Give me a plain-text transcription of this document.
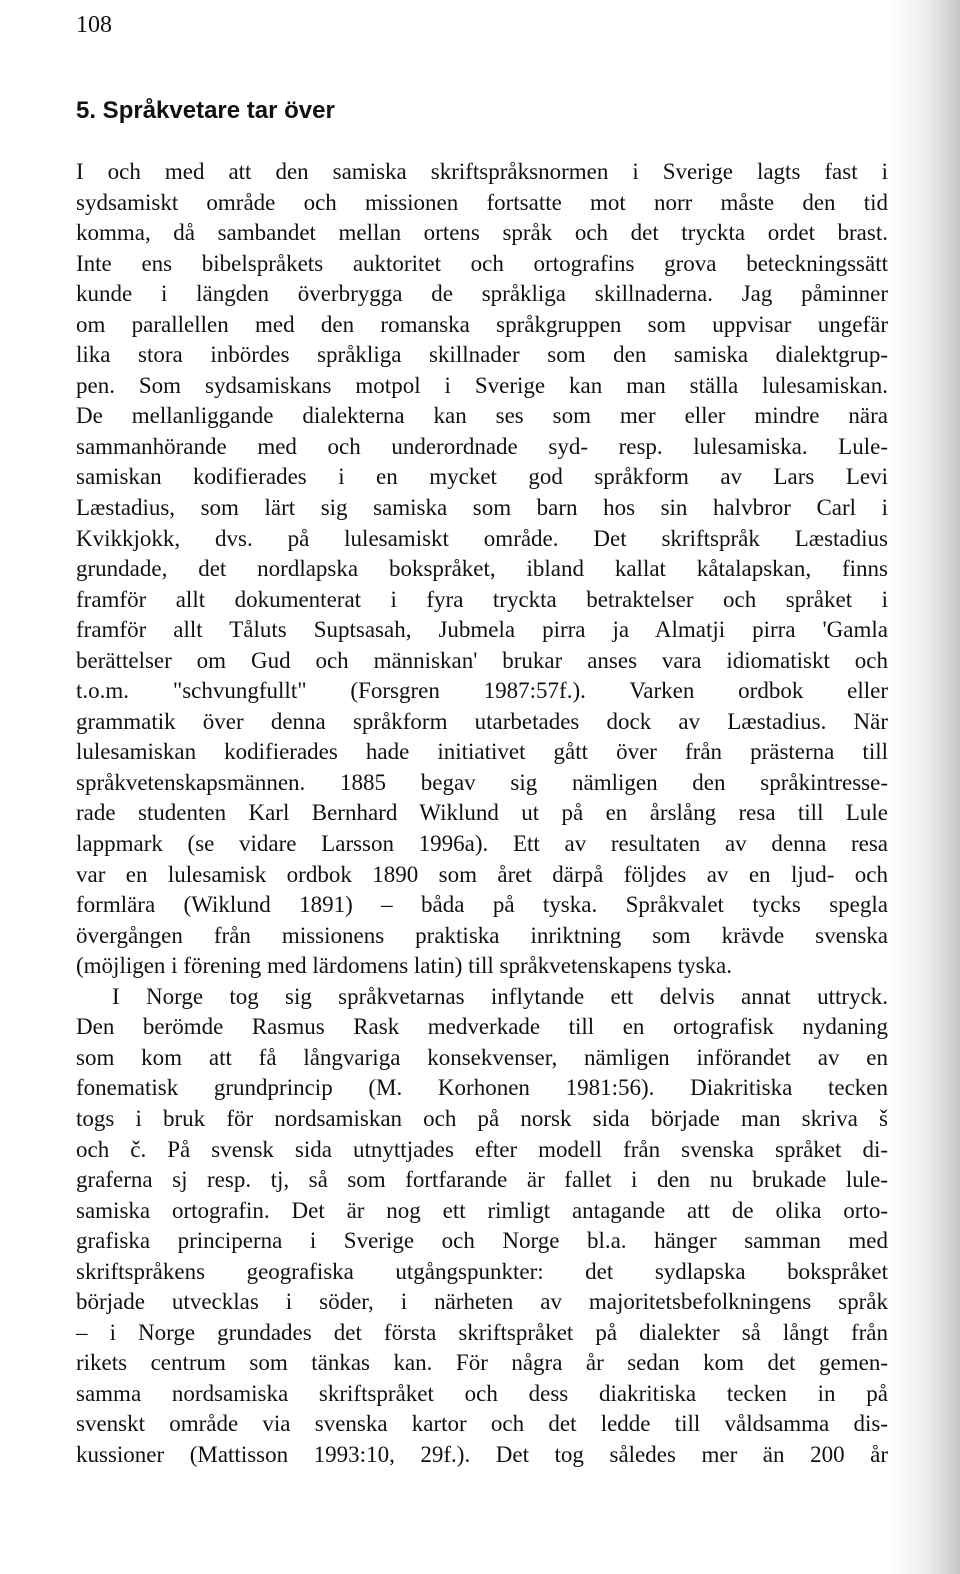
108
5. Språkvetare tar över
I och med att den samiska skriftspråksnormen i Sverige lagts fast i
sydsamiskt område och missionen fortsatte mot norr måste den tid
komma, då sambandet mellan ortens språk och det tryckta ordet brast.
Inte ens bibelspråkets auktoritet och ortografins grova beteckningssätt
kunde i längden överbrygga de språkliga skillnaderna. Jag påminner
om parallellen med den romanska språkgruppen som uppvisar ungefär
lika stora inbördes språkliga skillnader som den samiska dialektgrup-
pen. Som sydsamiskans motpol i Sverige kan man ställa lulesamiskan.
De mellanliggande dialekterna kan ses som mer eller mindre nära
sammanhörande med och underordnade syd- resp. lulesamiska. Lule-
samiskan kodifierades i en mycket god språkform av Lars Levi
Læstadius, som lärt sig samiska som barn hos sin halvbror Carl i
Kvikkjokk, dvs. på lulesamiskt område. Det skriftspråk Læstadius
grundade, det nordlapska bokspråket, ibland kallat kåtalapskan, finns
framför allt dokumenterat i fyra tryckta betraktelser och språket i
framför allt Tåluts Suptsasah, Jubmela pirra ja Almatji pirra 'Gamla
berättelser om Gud och människan' brukar anses vara idiomatiskt och
t.o.m. "schvungfullt" (Forsgren 1987:57f.). Varken ordbok eller
grammatik över denna språkform utarbetades dock av Læstadius. När
lulesamiskan kodifierades hade initiativet gått över från prästerna till
språkvetenskapsmännen. 1885 begav sig nämligen den språkintresse-
rade studenten Karl Bernhard Wiklund ut på en årslång resa till Lule
lappmark (se vidare Larsson 1996a). Ett av resultaten av denna resa
var en lulesamisk ordbok 1890 som året därpå följdes av en ljud- och
formlära (Wiklund 1891) – båda på tyska. Språkvalet tycks spegla
övergången från missionens praktiska inriktning som krävde svenska
(möjligen i förening med lärdomens latin) till språkvetenskapens tyska.
I Norge tog sig språkvetarnas inflytande ett delvis annat uttryck.
Den berömde Rasmus Rask medverkade till en ortografisk nydaning
som kom att få långvariga konsekvenser, nämligen införandet av en
fonematisk grundprincip (M. Korhonen 1981:56). Diakritiska tecken
togs i bruk för nordsamiskan och på norsk sida började man skriva š
och č. På svensk sida utnyttjades efter modell från svenska språket di-
graferna sj resp. tj, så som fortfarande är fallet i den nu brukade lule-
samiska ortografin. Det är nog ett rimligt antagande att de olika orto-
grafiska principerna i Sverige och Norge bl.a. hänger samman med
skriftspråkens geografiska utgångspunkter: det sydlapska bokspråket
började utvecklas i söder, i närheten av majoritetsbefolkningens språk
– i Norge grundades det första skriftspråket på dialekter så långt från
rikets centrum som tänkas kan. För några år sedan kom det gemen-
samma nordsamiska skriftspråket och dess diakritiska tecken in på
svenskt område via svenska kartor och det ledde till våldsamma dis-
kussioner (Mattisson 1993:10, 29f.). Det tog således mer än 200 år
